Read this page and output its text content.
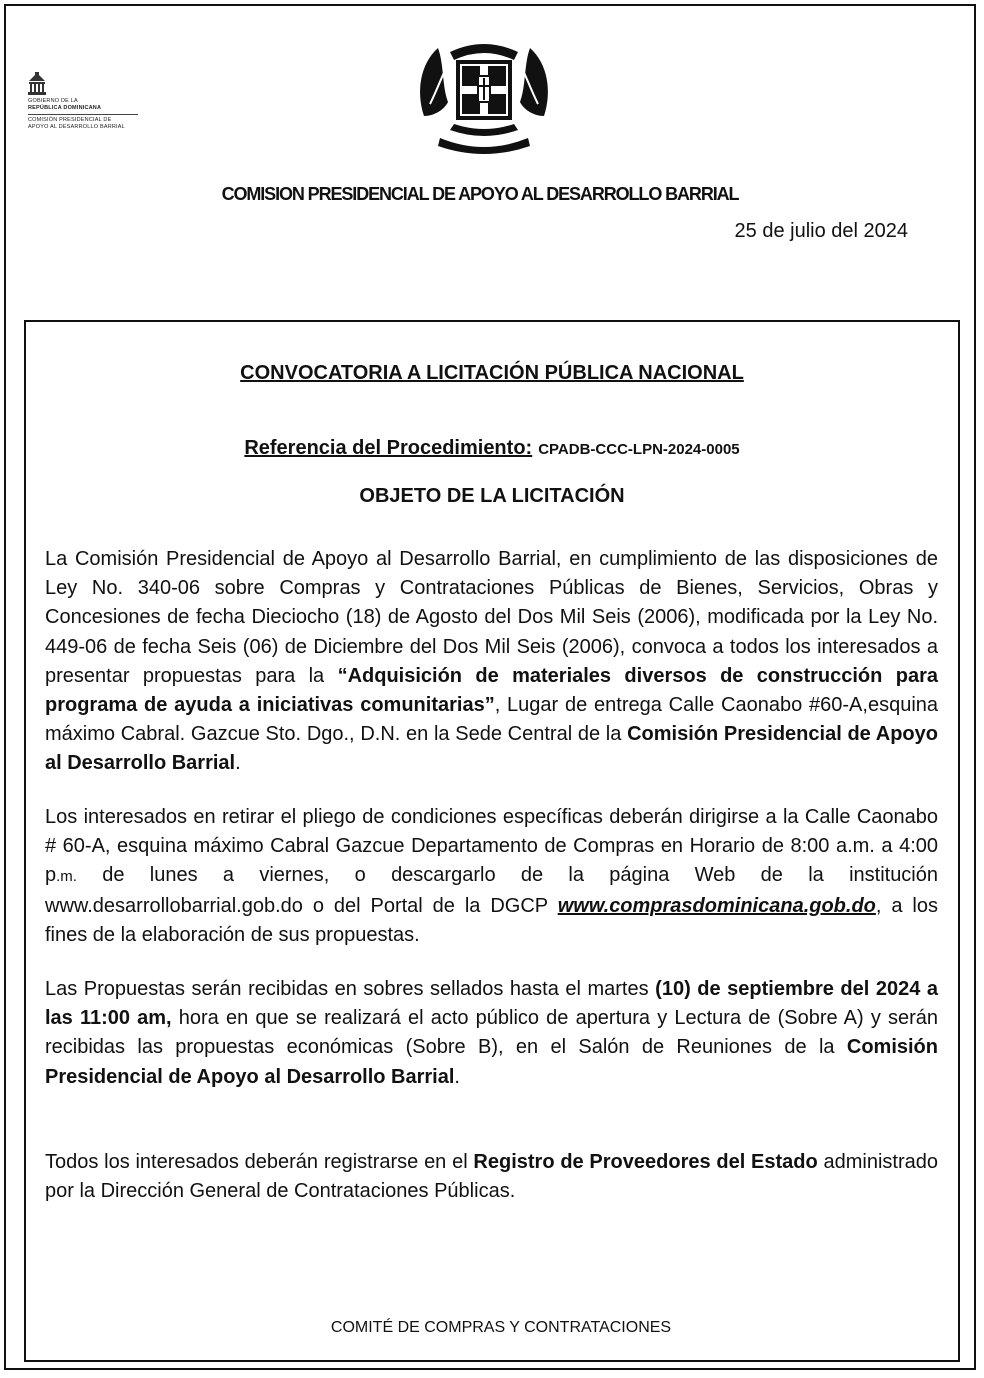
GOBIERNO DE LA
REPÚBLICA DOMINICANA
COMISIÓN PRESIDENCIAL DE
APOYO AL DESARROLLO BARRIAL
COMISION PRESIDENCIAL DE APOYO AL DESARROLLO BARRIAL
25 de julio del 2024
CONVOCATORIA A LICITACIÓN PÚBLICA NACIONAL
Referencia del Procedimiento: CPADB-CCC-LPN-2024-0005
OBJETO DE LA LICITACIÓN

La Comisión Presidencial de Apoyo al Desarrollo Barrial, en cumplimiento de las disposiciones de Ley No. 340-06 sobre Compras y Contrataciones Públicas de Bienes, Servicios, Obras y Concesiones de fecha Dieciocho (18) de Agosto del Dos Mil Seis (2006), modificada por la Ley No. 449-06 de fecha Seis (06) de Diciembre del Dos Mil Seis (2006), convoca a todos los interesados a presentar propuestas para la “Adquisición de materiales diversos de construcción para programa de ayuda a iniciativas comunitarias”, Lugar de entrega Calle Caonabo #60-A,esquina máximo Cabral. Gazcue Sto. Dgo., D.N. en la Sede Central de la Comisión Presidencial de Apoyo al Desarrollo Barrial.

Los interesados en retirar el pliego de condiciones específicas deberán dirigirse a la Calle Caonabo # 60-A, esquina máximo Cabral Gazcue Departamento de Compras en Horario de 8:00 a.m. a 4:00 p.m. de lunes a viernes, o descargarlo de la página Web de la institución www.desarrollobarrial.gob.do o del Portal de la DGCP www.comprasdominicana.gob.do, a los fines de la elaboración de sus propuestas.

Las Propuestas serán recibidas en sobres sellados hasta el martes (10) de septiembre del 2024 a las 11:00 am, hora en que se realizará el acto público de apertura y Lectura de (Sobre A) y serán recibidas las propuestas económicas (Sobre B), en el Salón de Reuniones de la Comisión Presidencial de Apoyo al Desarrollo Barrial.

Todos los interesados deberán registrarse en el Registro de Proveedores del Estado administrado por la Dirección General de Contrataciones Públicas.

COMITÉ DE COMPRAS Y CONTRATACIONES
